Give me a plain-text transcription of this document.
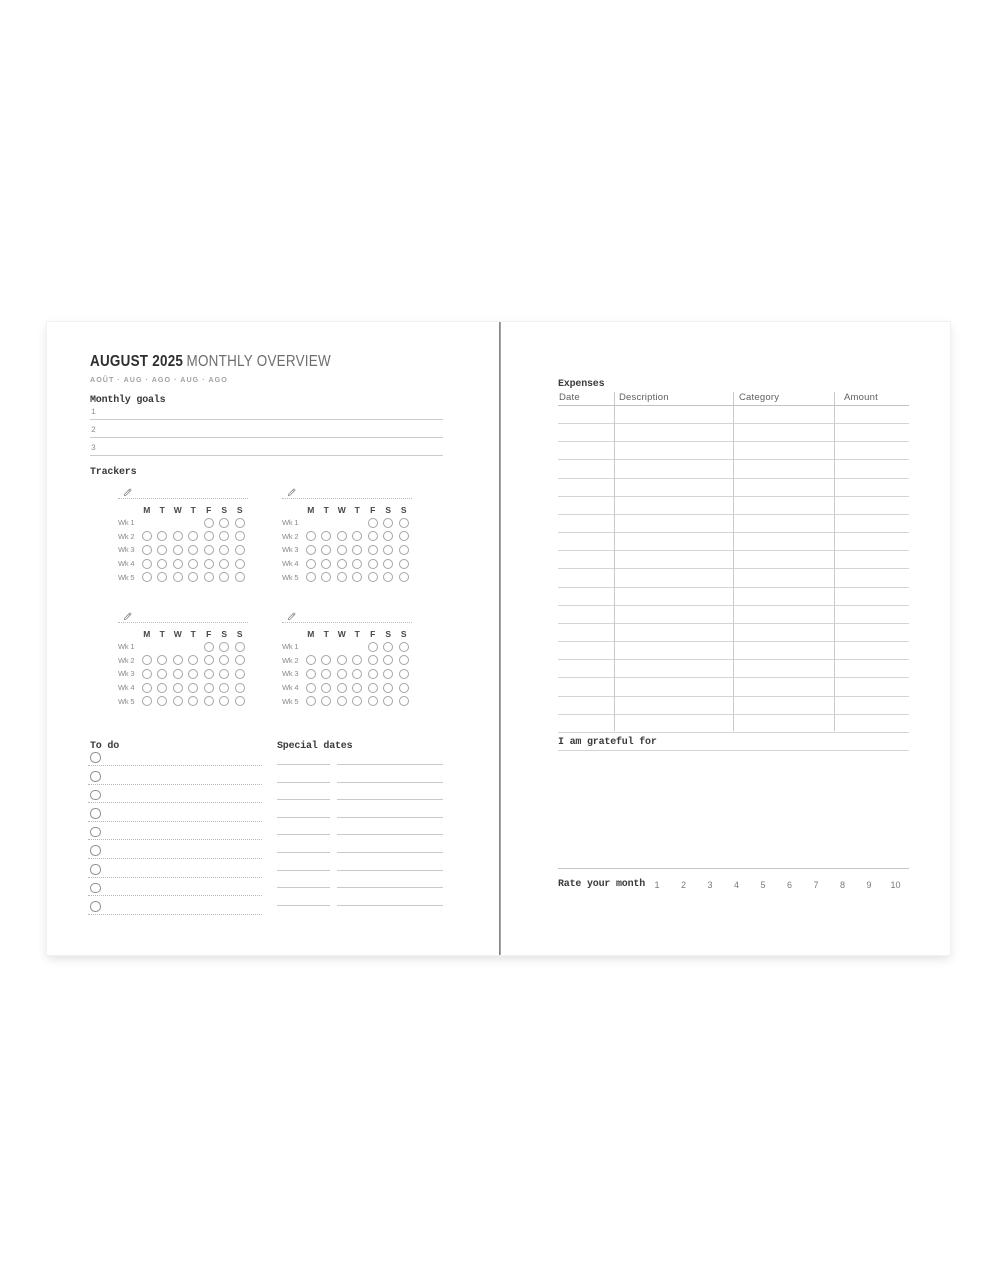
AUGUST 2025 MONTHLY OVERVIEW
AOÛT · AUG · AGO · AUG · AGO
Monthly goals
1
2
3
Trackers
M	T	W	T	F	S	S
Wk 1
Wk 2
Wk 3
Wk 4
Wk 5
M	T	W	T	F	S	S
Wk 1
Wk 2
Wk 3
Wk 4
Wk 5
M	T	W	T	F	S	S
Wk 1
Wk 2
Wk 3
Wk 4
Wk 5
M	T	W	T	F	S	S
Wk 1
Wk 2
Wk 3
Wk 4
Wk 5
To do	Special dates
Expenses
Date	Description	Category	Amount
I am grateful for
Rate your month	1	2	3	4	5	6	7	8	9	10
